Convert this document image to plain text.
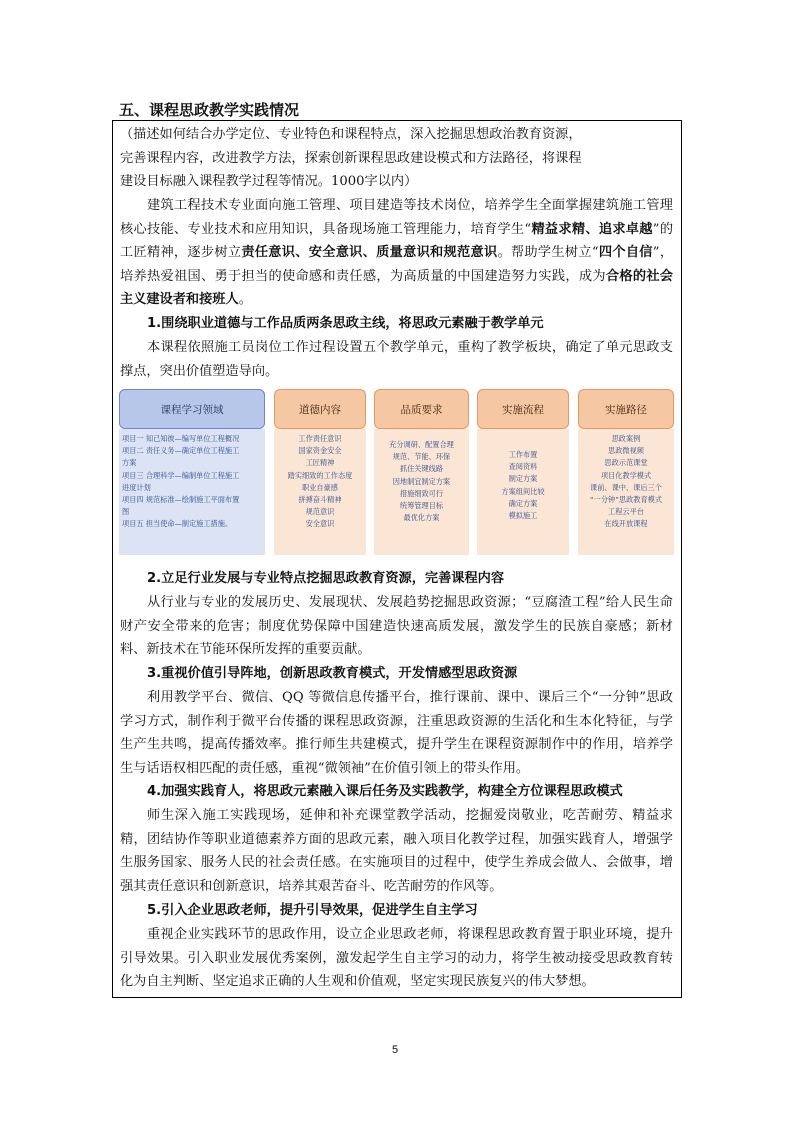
五、课程思政教学实践情况
（描述如何结合办学定位、专业特色和课程特点，深入挖掘思想政治教育资源，
完善课程内容，改进教学方法，探索创新课程思政建设模式和方法路径，将课程
建设目标融入课程教学过程等情况。1000字以内）
建筑工程技术专业面向施工管理、项目建造等技术岗位，培养学生全面掌握建筑施工管理核心技能、专业技术和应用知识，具备现场施工管理能力，培育学生“精益求精、追求卓越”的工匠精神，逐步树立责任意识、安全意识、质量意识和规范意识。帮助学生树立“四个自信”，培养热爱祖国、勇于担当的使命感和责任感，为高质量的中国建造努力实践，成为合格的社会主义建设者和接班人。
1.围绕职业道德与工作品质两条思政主线，将思政元素融于教学单元
本课程依照施工员岗位工作过程设置五个教学单元，重构了教学板块，确定了单元思政支撑点，突出价值塑造导向。
课程学习领域
项目一 知己知彼—编写单位工程概况
项目二 责任义务—确定单位工程施工
方案
项目三 合理科学—编制单位工程施工
进度计划
项目四 规范标准—绘制施工平面布置
图
项目五 担当使命—制定施工措施。
道德内容
工作责任意识
国家资金安全
工匠精神
踏实细致的工作态度
职业自豪感
拼搏奋斗精神
规范意识
安全意识
品质要求
充分调研、配置合理
规范、节能、环保
抓住关键线路
因地制宜制定方案
措施细致可行
统筹管理目标
最优化方案
实施流程
工作布置
查阅资料
制定方案
方案组间比较
确定方案
模拟施工
实施路径
思政案例
思政微视频
思政示范课堂
项目化教学模式
课前、课中、课后三个
“一分钟”思政教育模式
工程云平台
在线开放课程
2.立足行业发展与专业特点挖掘思政教育资源，完善课程内容
从行业与专业的发展历史、发展现状、发展趋势挖掘思政资源；“豆腐渣工程”给人民生命财产安全带来的危害；制度优势保障中国建造快速高质发展，激发学生的民族自豪感；新材料、新技术在节能环保所发挥的重要贡献。
3.重视价值引导阵地，创新思政教育模式，开发情感型思政资源
利用教学平台、微信、QQ 等微信息传播平台，推行课前、课中、课后三个“一分钟”思政学习方式，制作利于微平台传播的课程思政资源，注重思政资源的生活化和生本化特征，与学生产生共鸣，提高传播效率。推行师生共建模式，提升学生在课程资源制作中的作用，培养学生与话语权相匹配的责任感，重视“微领袖”在价值引领上的带头作用。
4.加强实践育人，将思政元素融入课后任务及实践教学，构建全方位课程思政模式
师生深入施工实践现场，延伸和补充课堂教学活动，挖掘爱岗敬业，吃苦耐劳、精益求精，团结协作等职业道德素养方面的思政元素，融入项目化教学过程，加强实践育人，增强学生服务国家、服务人民的社会责任感。在实施项目的过程中，使学生养成会做人、会做事，增强其责任意识和创新意识，培养其艰苦奋斗、吃苦耐劳的作风等。
5.引入企业思政老师，提升引导效果，促进学生自主学习
重视企业实践环节的思政作用，设立企业思政老师，将课程思政教育置于职业环境，提升引导效果。引入职业发展优秀案例，激发起学生自主学习的动力，将学生被动接受思政教育转化为自主判断、坚定追求正确的人生观和价值观，坚定实现民族复兴的伟大梦想。
5
